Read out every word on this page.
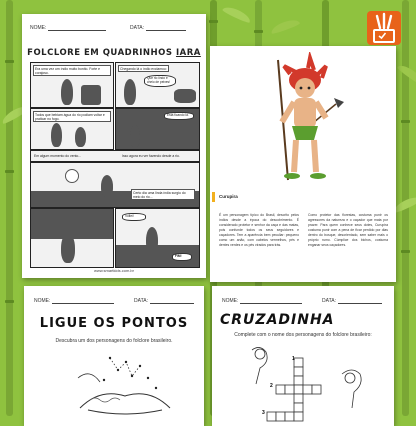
NOME:	DATA:
FOLCLORE EM QUADRINHOS IARA
Era uma vez um índio muito bonito. Forte e corajoso.
Chegando lá o índio exclamou:
Que rio lindo e cheio de peixes!
Todos que bebiam água do rio podiam voltar e praticar no fogo.
Está ficando lá.
Em algum momento do vento...	Isso agora eu ver fazendo desde a rio.
Certo dia uma linda índia surgiu do meio do rio...
Voltei!
FIM!
www.smartkids.com.br
Curupira
É um personagem típico do Brasil, descrito pelos índios desde a época do descobrimento. É considerado protetor e senhor da caça e das matas, pois confunde todos os seus seguidores e caçadores. Tem a aparência bem peculiar: pequeno como um anão, com cabelos vermelhos, pés e dentes verdes e os pés virados para trás.
Como protetor das florestas, costuma punir os agressores da natureza e o caçador que mata por prazer. Para quem conhece seus dotes, Curupira costuma punir com a pena de ficar perdido por dias dentro do bosque, desorientado, sem saber mais o próprio rumo. Cúmplice dos bichos, costuma enganar seus caçadores.
NOME:	DATA:
LIGUE OS PONTOS
Descubra um dos personagens do folclore brasileiro.
NOME:	DATA:
CRUZADINHA
Complete com o nome dos personagens do folclore brasileiro:
1
2
3
